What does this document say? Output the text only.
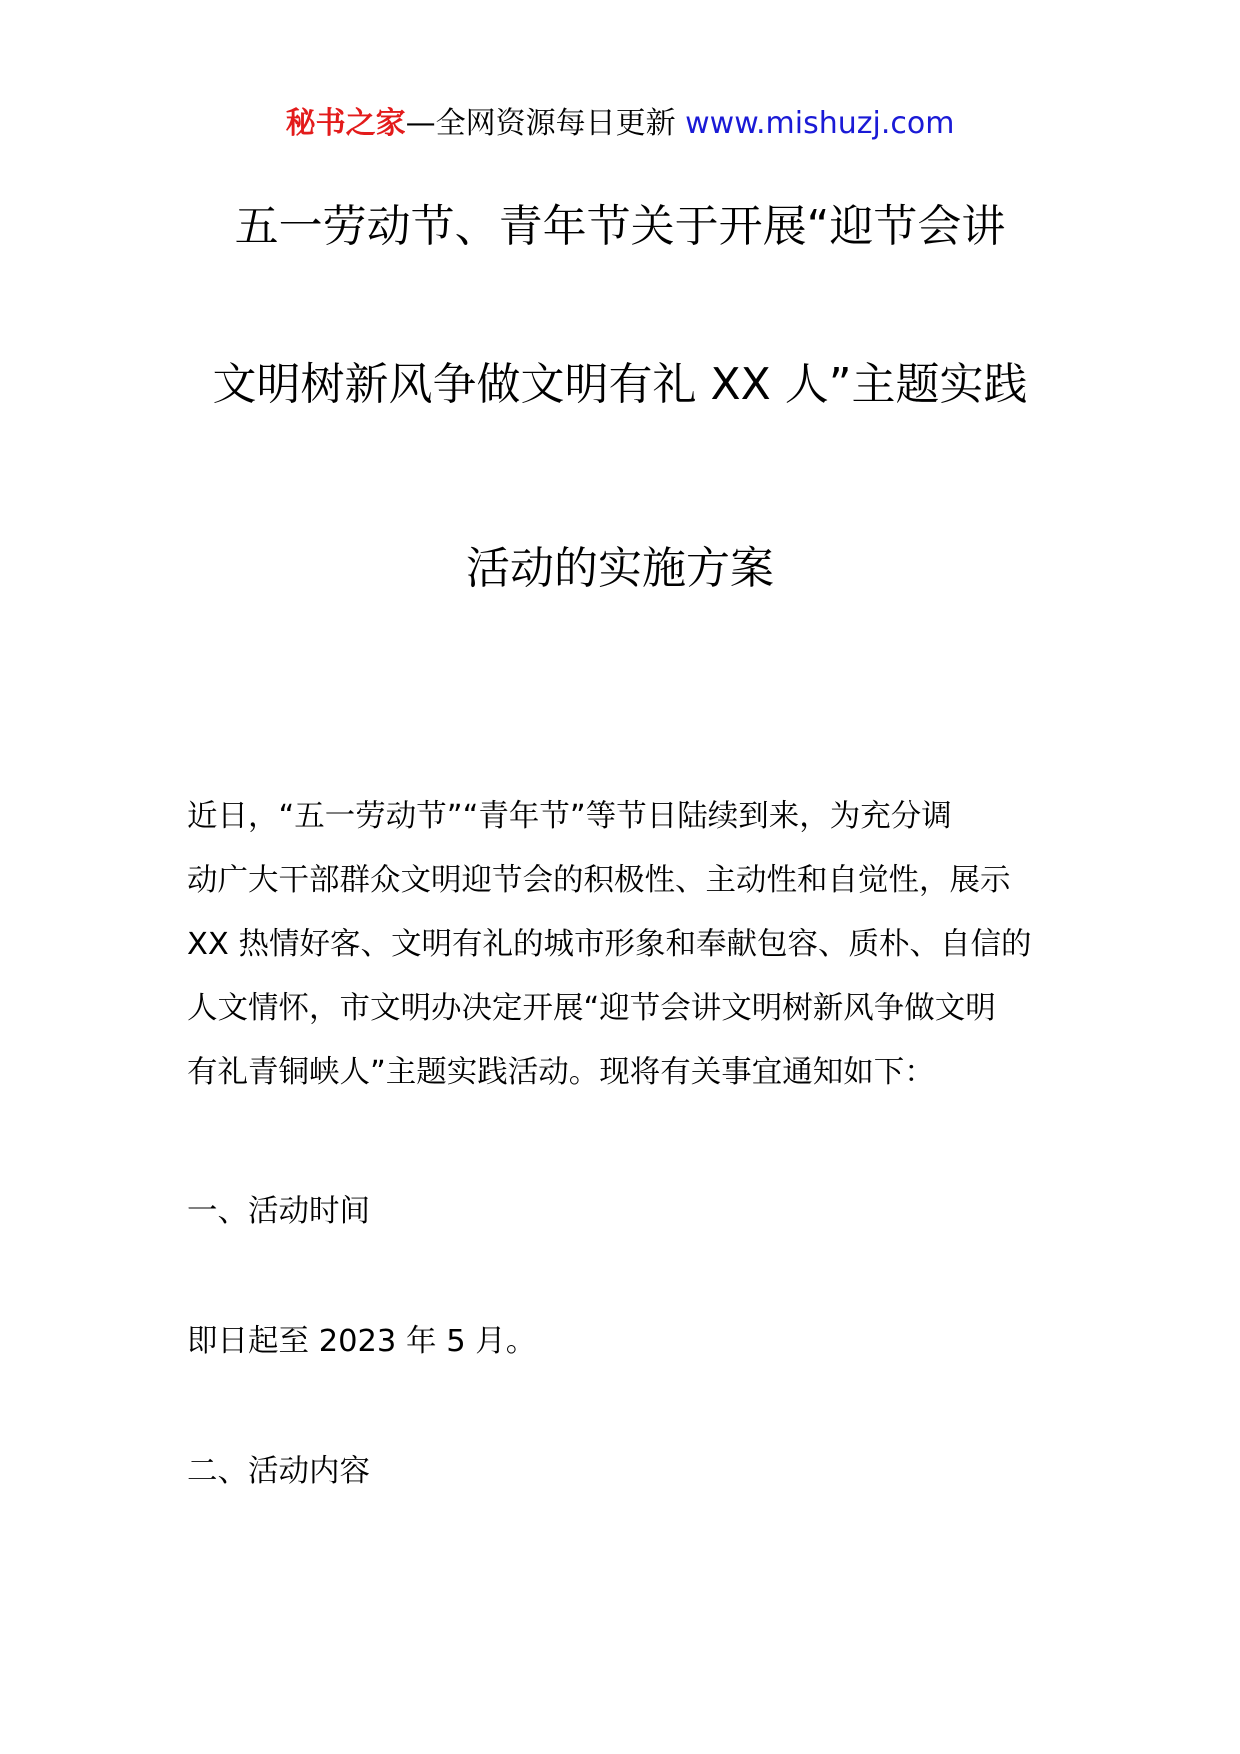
秘书之家—全网资源每日更新 www.mishuzj.com
五一劳动节、青年节关于开展“迎节会讲
文明树新风争做文明有礼 XX 人”主题实践
活动的实施方案
近日，“五一劳动节”“青年节”等节日陆续到来，为充分调
动广大干部群众文明迎节会的积极性、主动性和自觉性，展示
XX 热情好客、文明有礼的城市形象和奉献包容、质朴、自信的
人文情怀，市文明办决定开展“迎节会讲文明树新风争做文明
有礼青铜峡人”主题实践活动。现将有关事宜通知如下：
一、活动时间
即日起至 2023 年 5 月。
二、活动内容
